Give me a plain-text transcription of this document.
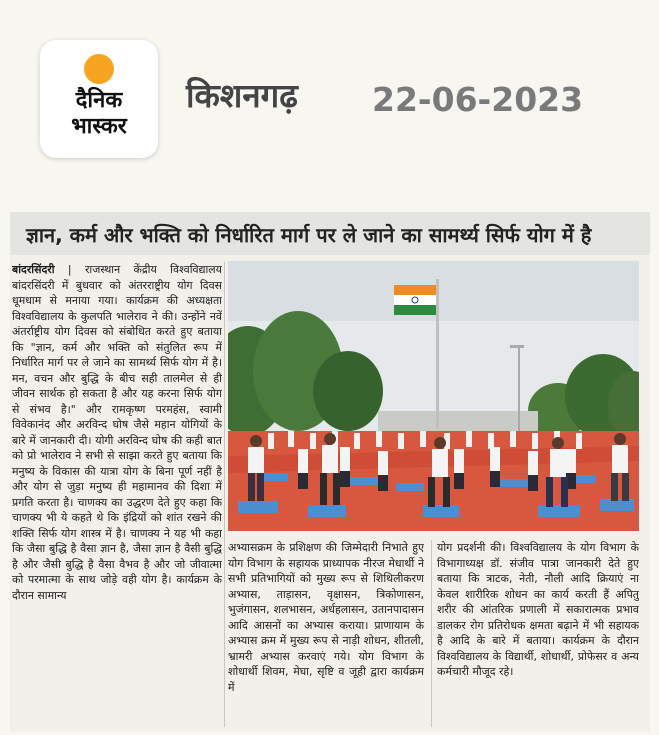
दैनिक
भास्कर
किशनगढ़ 22-06-2023
ज्ञान, कर्म और भक्ति को निर्धारित मार्ग पर ले जाने का सामर्थ्य सिर्फ योग में है
बांदरसिंदरी | राजस्थान केंद्रीय विश्वविद्यालय बांदरसिंदरी में बुधवार को अंतरराष्ट्रीय योग दिवस धूमधाम से मनाया गया। कार्यक्रम की अध्यक्षता विश्वविद्यालय के कुलपति भालेराव ने की। उन्होंने नवें अंतर्राष्ट्रीय योग दिवस को संबोधित करते हुए बताया कि "ज्ञान, कर्म और भक्ति को संतुलित रूप में निर्धारित मार्ग पर ले जाने का सामर्थ्य सिर्फ योग में है। मन, वचन और बुद्धि के बीच सही तालमेल से ही जीवन सार्थक हो सकता है और यह करना सिर्फ योग से संभव है।" और रामकृष्ण परमहंस, स्वामी विवेकानंद और अरविन्द घोष जैसे महान योगियों के बारे में जानकारी दी। योगी अरविन्द घोष की कही बात को प्रो भालेराव ने सभी से साझा करते हुए बताया कि मनुष्य के विकास की यात्रा योग के बिना पूर्ण नहीं है और योग से जुड़ा मनुष्य ही महामानव की दिशा में प्रगति करता है। चाणक्य का उद्धरण देते हुए कहा कि चाणक्य भी ये कहते थे कि इंद्रियों को शांत रखने की शक्ति सिर्फ योग शास्त्र में है। चाणक्य ने यह भी कहा कि जैसा बुद्धि है वैसा ज्ञान है, जैसा ज्ञान है वैसी बुद्धि है और जैसी बुद्धि है वैसा वैभव है और जो जीवात्मा को परमात्मा के साथ जोड़े वही योग है। कार्यक्रम के दौरान सामान्य
अभ्यासक्रम के प्रशिक्षण की जिम्मेदारी निभाते हुए योग विभाग के सहायक प्राध्यापक नीरज मेधार्थी ने सभी प्रतिभागियों को मुख्य रूप से शिथिलीकरण अभ्यास, ताड़ासन, वृक्षासन, त्रिकोणासन, भुजंगासन, शलभासन, अर्धहलासन, उतानपादासन आदि आसनों का अभ्यास कराया। प्राणायाम के अभ्यास क्रम में मुख्य रूप से नाड़ी शोधन, शीतली, भ्रामरी अभ्यास करवाएं गये। योग विभाग के शोधार्थी शिवम, मेघा, सृष्टि व जूही द्वारा कार्यक्रम में
योग प्रदर्शनी की। विश्वविद्यालय के योग विभाग के विभागाध्यक्ष डॉ. संजीव पात्रा जानकारी देते हुए बताया कि त्राटक, नेती, नौली आदि क्रियाएं ना केवल शारीरिक शोधन का कार्य करती हैं अपितु शरीर की आंतरिक प्रणाली में सकारात्मक प्रभाव डालकर रोग प्रतिरोधक क्षमता बढ़ाने में भी सहायक है आदि के बारे में बताया। कार्यक्रम के दौरान विश्वविद्यालय के विद्यार्थी, शोधार्थी, प्रोफेसर व अन्य कर्मचारी मौजूद रहे।
